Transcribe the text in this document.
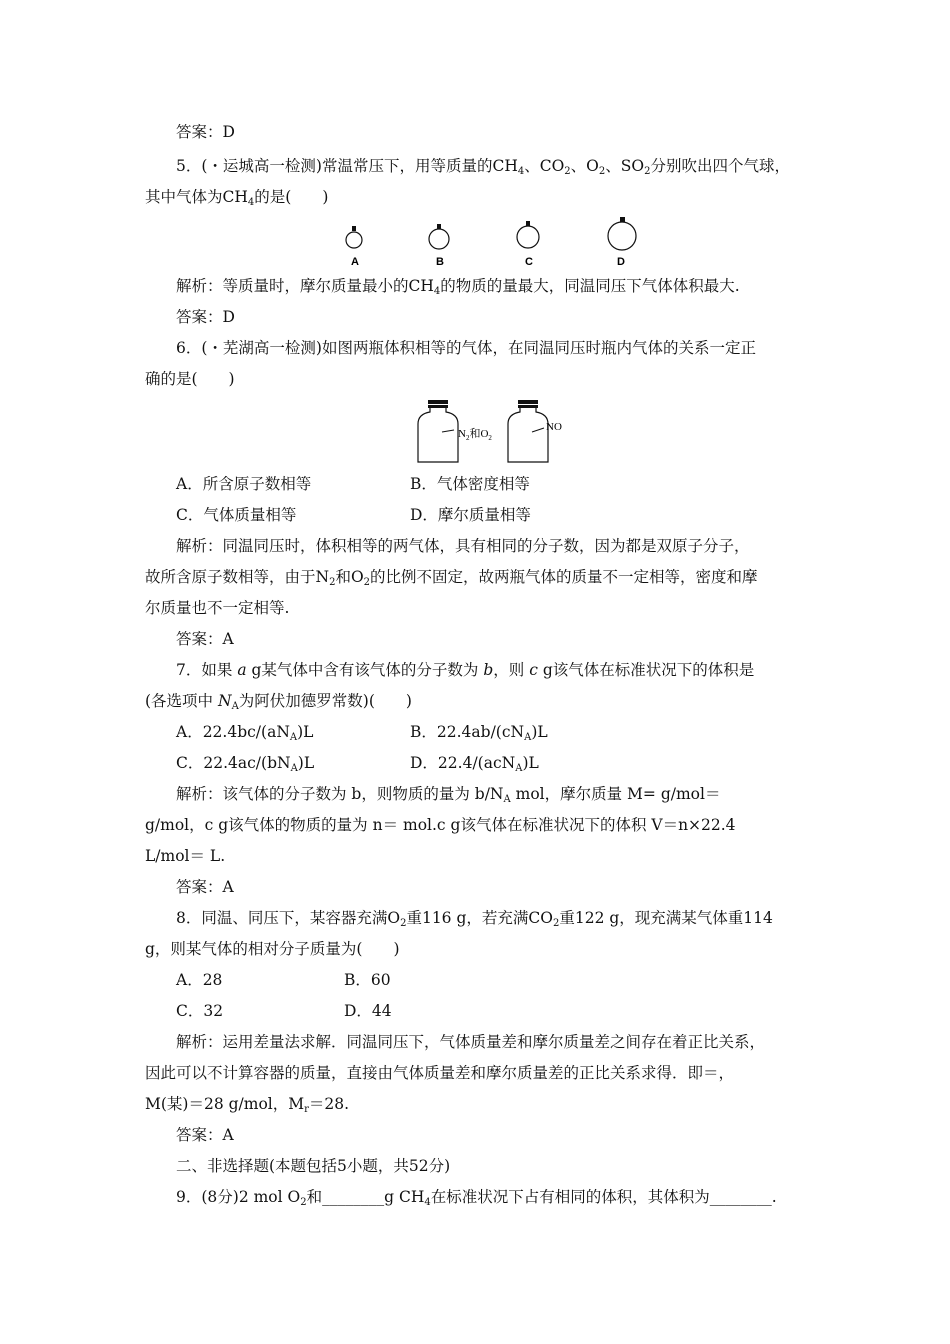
答案：D
5．(・运城高一检测)常温常压下，用等质量的$CH_4$、$CO_2$、$O_2$、$SO_2$分别吹出四个气球，
其中气体为$CH_4$的是(　　)
A	B	C	D
解析：等质量时，摩尔质量最小的$CH_4$的物质的量最大，同温同压下气体体积最大.
答案：D
6．(・芜湖高一检测)如图两瓶体积相等的气体，在同温同压时瓶内气体的关系一定正
确的是(　　)
$N_2$和$O_2$
NO
A．所含原子数相等	B．气体密度相等
C．气体质量相等	D．摩尔质量相等
解析：同温同压时，体积相等的两气体，具有相同的分子数，因为都是双原子分子，
故所含原子数相等，由于$N_2$和$O_2$的比例不固定，故两瓶气体的质量不一定相等，密度和摩
尔质量也不一定相等.
答案：A
7．如果 a g某气体中含有该气体的分子数为 b，则 c g该气体在标准状况下的体积是
(各选项中 $N_A$为阿伏加德罗常数)(　　)
A．$22.4bc/(aN_A)L$	B．$22.4ab/(cN_A)L$
C．$22.4ac/(bN_A)L$	D．22.4/(acN$_A$)L
解析：该气体的分子数为 b，则物质的量为 $b/N_A$ mol，摩尔质量 M= g/mol＝
g/mol，c g该气体的物质的量为 n＝ mol.c g该气体在标准状况下的体积 V＝n×22.4
L/mol＝ L.
答案：A
8．同温、同压下，某容器充满$O_2$重116 g，若充满$CO_2$重122 g，现充满某气体重114
g，则某气体的相对分子质量为(　　)
A．28	B．60
C．32	D．44
解析：运用差量法求解．同温同压下，气体质量差和摩尔质量差之间存在着正比关系，
因此可以不计算容器的质量，直接由气体质量差和摩尔质量差的正比关系求得．即＝，
M(某)＝28 g/mol，$M_r=28$.
答案：A
二、非选择题(本题包括5小题，共52分)
9．(8分)2 mol $O_2$和________g $CH_4$在标准状况下占有相同的体积，其体积为________.
